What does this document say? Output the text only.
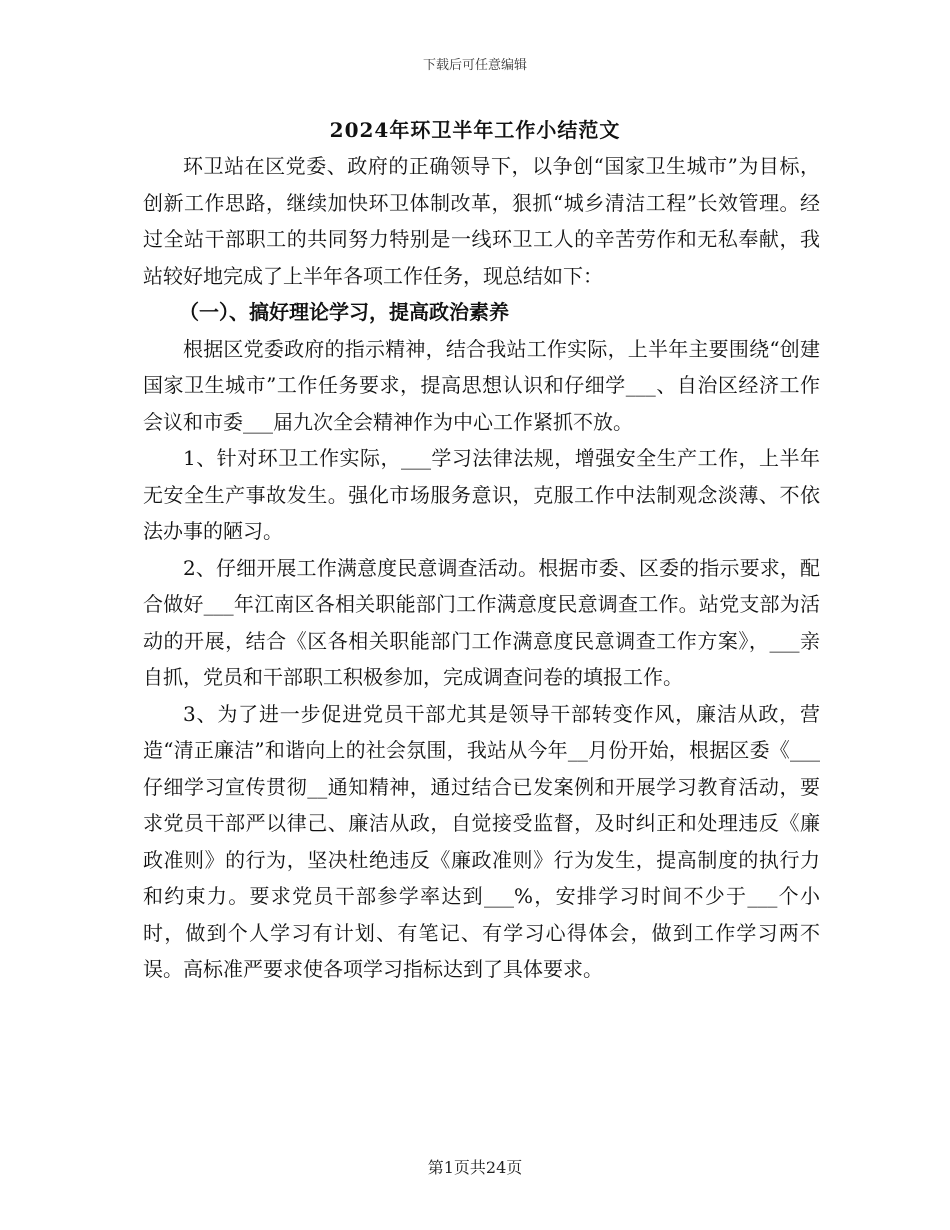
下载后可任意编辑
2024年环卫半年工作小结范文

环卫站在区党委、政府的正确领导下，以争创“国家卫生城市”为目标，创新工作思路，继续加快环卫体制改革，狠抓“城乡清洁工程”长效管理。经过全站干部职工的共同努力特别是一线环卫工人的辛苦劳作和无私奉献，我站较好地完成了上半年各项工作任务，现总结如下：

（一）、搞好理论学习，提高政治素养

根据区党委政府的指示精神，结合我站工作实际，上半年主要围绕“创建国家卫生城市”工作任务要求，提高思想认识和仔细学___、自治区经济工作会议和市委___届九次全会精神作为中心工作紧抓不放。

1、针对环卫工作实际，___学习法律法规，增强安全生产工作，上半年无安全生产事故发生。强化市场服务意识，克服工作中法制观念淡薄、不依法办事的陋习。

2、仔细开展工作满意度民意调查活动。根据市委、区委的指示要求，配合做好___年江南区各相关职能部门工作满意度民意调查工作。站党支部为活动的开展，结合《区各相关职能部门工作满意度民意调查工作方案》，___亲自抓，党员和干部职工积极参加，完成调查问卷的填报工作。

3、为了进一步促进党员干部尤其是领导干部转变作风，廉洁从政，营造“清正廉洁”和谐向上的社会氛围，我站从今年__月份开始，根据区委《___仔细学习宣传贯彻__通知精神，通过结合已发案例和开展学习教育活动，要求党员干部严以律己、廉洁从政，自觉接受监督，及时纠正和处理违反《廉政准则》的行为，坚决杜绝违反《廉政准则》行为发生，提高制度的执行力和约束力。要求党员干部参学率达到___%，安排学习时间不少于___个小时，做到个人学习有计划、有笔记、有学习心得体会，做到工作学习两不误。高标准严要求使各项学习指标达到了具体要求。

第1页共24页
